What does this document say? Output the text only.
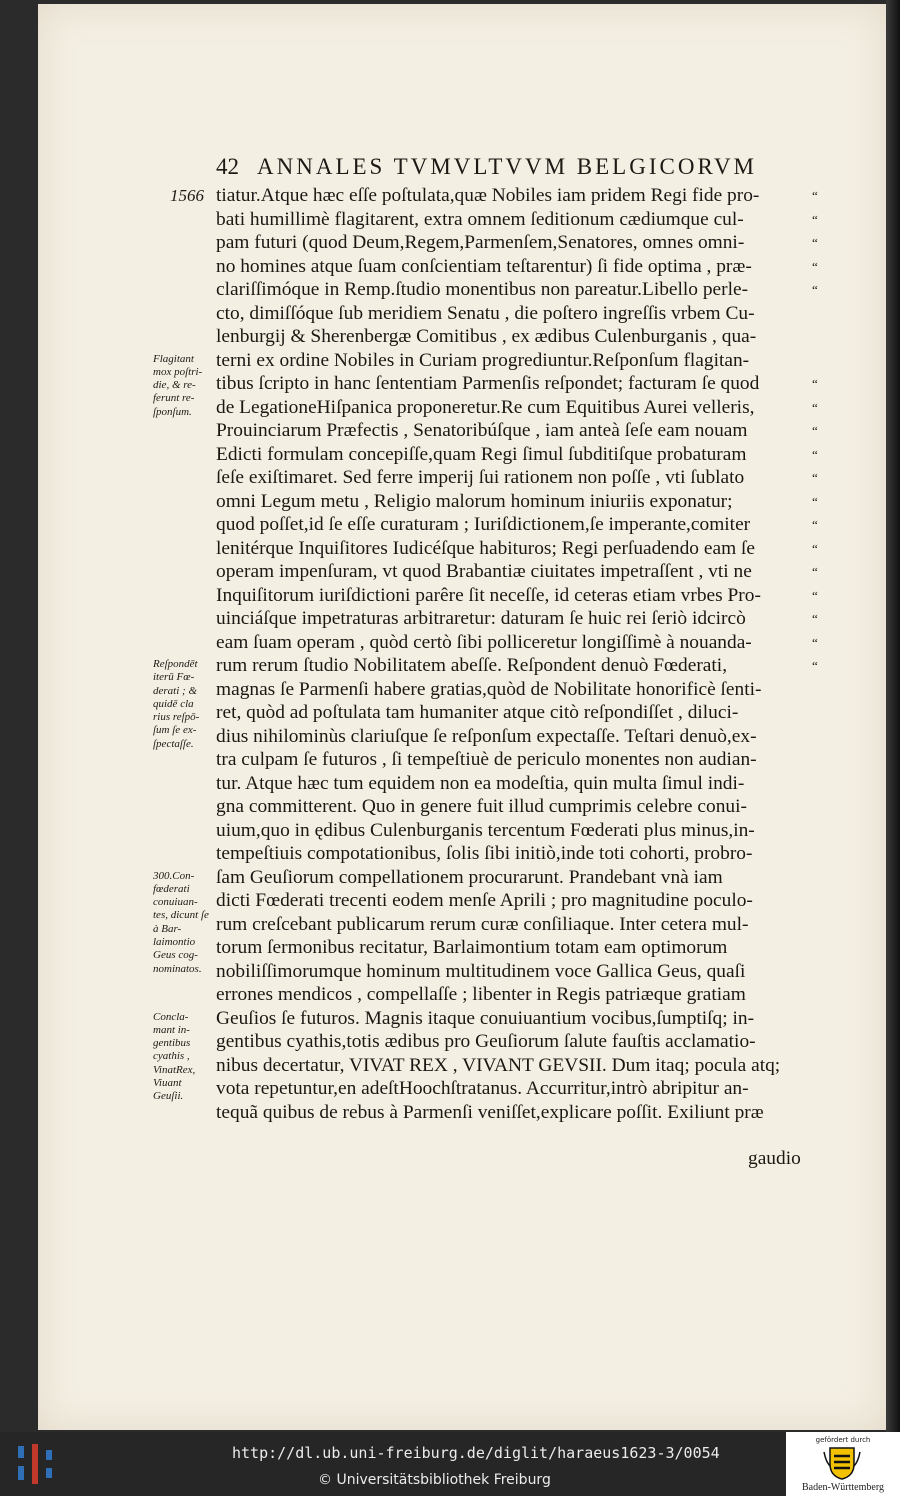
42 ANNALES TVMVLTVVM BELGICORVM
1566 tiatur.Atque hæc eſſe poſtulata,quæ Nobiles iam pridem Regi fide pro-
bati humillimè flagitarent, extra omnem ſeditionum cædiumque cul-
pam futuri (quod Deum,Regem,Parmenſem,Senatores, omnes omni-
no homines atque ſuam conſcientiam teſtarentur) ſi fide optima , præ-
clariſſimóque in Remp.ſtudio monentibus non pareatur.Libello perle-
cto, dimiſſóque ſub meridiem Senatu , die poſtero ingreſſis vrbem Cu-
lenburgij & Sherenbergæ Comitibus , ex ædibus Culenburganis , qua-
terni ex ordine Nobiles in Curiam progrediuntur.Reſponſum flagitan-
tibus ſcripto in hanc ſententiam Parmenſis reſpondet; facturam ſe quod
de LegationeHiſpanica proponeretur.Re cum Equitibus Aurei velleris,
Prouinciarum Præfectis , Senatoribúſque , iam anteà ſeſe eam nouam
Edicti formulam concepiſſe,quam Regi ſimul ſubditiſque probaturam
ſeſe exiſtimaret. Sed ferre imperij ſui rationem non poſſe , vti ſublato
omni Legum metu , Religio malorum hominum iniuriis exponatur;
quod poſſet,id ſe eſſe curaturam ; Iuriſdictionem,ſe imperante,comiter
lenitérque Inquiſitores Iudicéſque habituros; Regi perſuadendo eam ſe
operam impenſuram, vt quod Brabantiæ ciuitates impetraſſent , vti ne
Inquiſitorum iuriſdictioni parêre ſit neceſſe, id ceteras etiam vrbes Pro-
uinciáſque impetraturas arbitraretur: daturam ſe huic rei ſeriò idcircò
eam ſuam operam , quòd certò ſibi polliceretur longiſſimè à nouanda-
rum rerum ſtudio Nobilitatem abeſſe. Reſpondent denuò Fœderati,
magnas ſe Parmenſi habere gratias,quòd de Nobilitate honorificè ſenti-
ret, quòd ad poſtulata tam humaniter atque citò reſpondiſſet , diluci-
dius nihilominùs clariuſque ſe reſponſum expectaſſe. Teſtari denuò,ex-
tra culpam ſe futuros , ſi tempeſtiuè de periculo monentes non audian-
tur. Atque hæc tum equidem non ea modeſtia, quin multa ſimul indi-
gna committerent. Quo in genere fuit illud cumprimis celebre conui-
uium,quo in ędibus Culenburganis tercentum Fœderati plus minus,in-
tempeſtiuis compotationibus, ſolis ſibi initiò,inde toti cohorti, probro-
ſam Geuſiorum compellationem procurarunt. Prandebant vnà iam
dicti Fœderati trecenti eodem menſe Aprili ; pro magnitudine poculo-
rum creſcebant publicarum rerum curæ conſiliaque. Inter cetera mul-
torum ſermonibus recitatur, Barlaimontium totam eam optimorum
nobiliſſimorumque hominum multitudinem voce Gallica Geus, quaſi
errones mendicos , compellaſſe ; libenter in Regis patriæque gratiam
Geuſios ſe futuros. Magnis itaque conuiuantium vocibus,ſumptiſq; in-
gentibus cyathis,totis ædibus pro Geuſiorum ſalute fauſtis acclamatio-
nibus decertatur, VIVAT REX , VIVANT GEVSII. Dum itaq; pocula atq;
vota repetuntur,en adeſtHoochſtratanus. Accurritur,intrò abripitur an-
tequã quibus de rebus à Parmenſi veniſſet,explicare poſſit. Exiliunt præ
“
“
“
“
“
“
“
“
“
“
“
“
“
“
“
“
“
“
Flagitant mox poſtri- die, & re- ferunt re- ſponſum.
Reſpondēt iterū Fœ- derati ; & quidē cla rius reſpō- ſum ſe ex- ſpectaſſe.
300.Con- fœderati conuiuan- tes, dicunt ſe à Bar- laimontio Geus cog- nominatos.
Concla- mant in- gentibus cyathis , VinatRex, Viuant Geuſii.
gaudio
http://dl.ub.uni-freiburg.de/diglit/haraeus1623-3/0054
© Universitätsbibliothek Freiburg
gefördert durch
Baden-Württemberg
